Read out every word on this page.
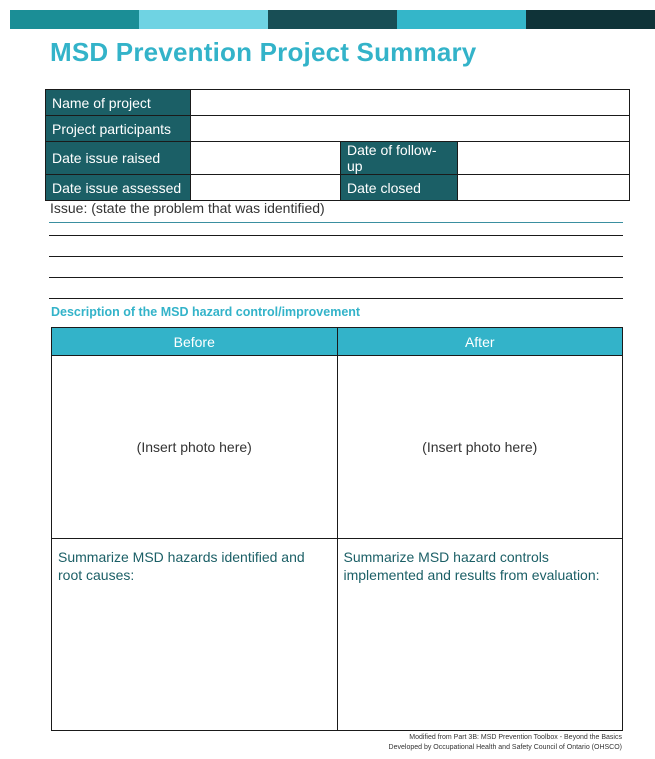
MSD Prevention Project Summary
Name of project			
Project participants			
Date issue raised		Date of follow-up	
Date issue assessed		Date closed	
Issue: (state the problem that was identified)
Description of the MSD hazard control/improvement
Before	After
(Insert photo here)	(Insert photo here)
Summarize MSD hazards identified and root causes:	Summarize MSD hazard controls implemented and results from evaluation:
Modified from Part 3B: MSD Prevention Toolbox - Beyond the Basics
Developed by Occupational Health and Safety Council of Ontario (OHSCO)
